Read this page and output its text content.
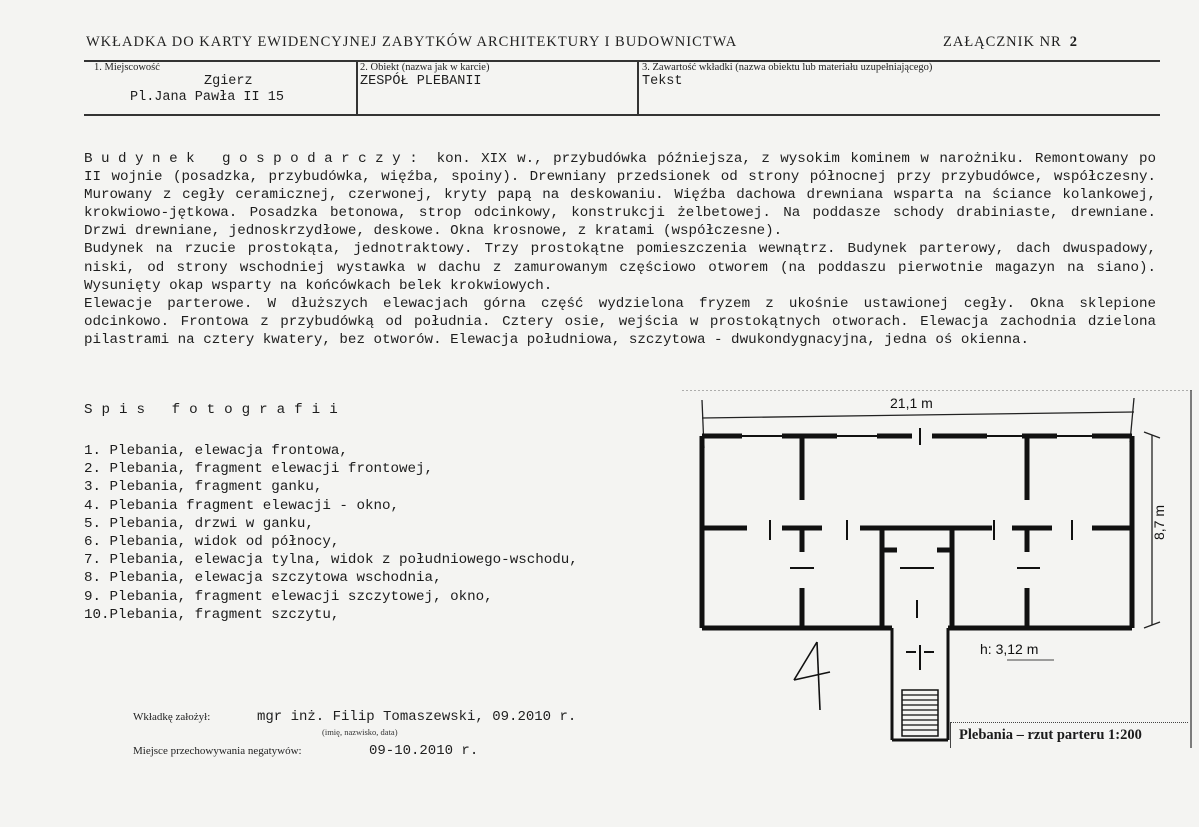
WKŁADKA DO KARTY EWIDENCYJNEJ ZABYTKÓW ARCHITEKTURY I BUDOWNICTWA	ZAŁĄCZNIK NR 2
1. Miejscowość
Zgierz
Pl.Jana Pawła II 15
2. Obiekt (nazwa jak w karcie)
ZESPÓŁ PLEBANII
3. Zawartość wkładki (nazwa obiektu lub materiału uzupełniającego)
Tekst

Budynek gospodarczy: kon. XIX w., przybudówka późniejsza, z wysokim kominem w narożniku. Remontowany po II wojnie (posadzka, przybudówka, więźba, spoiny). Drewniany przedsionek od strony północnej przy przybudówce, współczesny. Murowany z cegły ceramicznej, czerwonej, kryty papą na deskowaniu. Więźba dachowa drewniana wsparta na ściance kolankowej, krokwiowo-jętkowa. Posadzka betonowa, strop odcinkowy, konstrukcji żelbetowej. Na poddasze schody drabiniaste, drewniane. Drzwi drewniane, jednoskrzydłowe, deskowe. Okna krosnowe, z kratami (współczesne).

Budynek na rzucie prostokąta, jednotraktowy. Trzy prostokątne pomieszczenia wewnątrz. Budynek parterowy, dach dwuspadowy, niski, od strony wschodniej wystawka w dachu z zamurowanym częściowo otworem (na poddaszu pierwotnie magazyn na siano). Wysunięty okap wsparty na końcówkach belek krokwiowych.

Elewacje parterowe. W dłuższych elewacjach górna część wydzielona fryzem z ukośnie ustawionej cegły. Okna sklepione odcinkowo. Frontowa z przybudówką od południa. Cztery osie, wejścia w prostokątnych otworach. Elewacja zachodnia dzielona pilastrami na cztery kwatery, bez otworów. Elewacja południowa, szczytowa - dwukondygnacyjna, jedna oś okienna.

Spis fotografii
1. Plebania, elewacja frontowa,
2. Plebania, fragment elewacji frontowej,
3. Plebania, fragment ganku,
4. Plebania fragment elewacji - okno,
5. Plebania, drzwi w ganku,
6. Plebania, widok od północy,
7. Plebania, elewacja tylna, widok z południowego-wschodu,
8. Plebania, elewacja szczytowa wschodnia,
9. Plebania, fragment elewacji szczytowej, okno,
10.Plebania, fragment szczytu,
Wkładkę założył:	mgr inż. Filip Tomaszewski, 09.2010 r.
(imię, nazwisko, data)
Miejsce przechowywania negatywów:	09-10.2010 r.
21,1 m
8,7 m
h: 3,12 m
Plebania – rzut parteru 1:200
